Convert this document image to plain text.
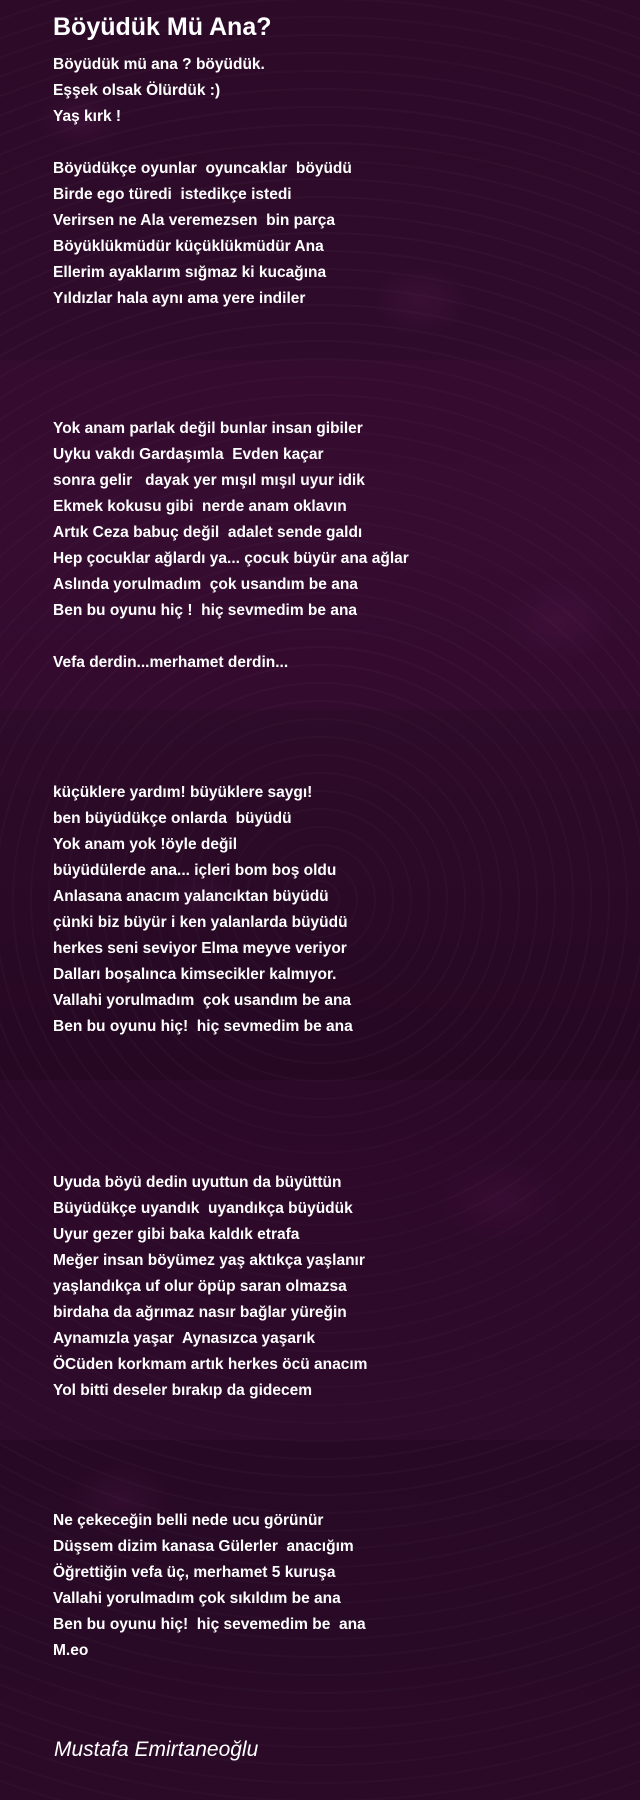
Böyüdük Mü Ana?
Böyüdük mü ana ? böyüdük.
Eşşek olsak Ölürdük :)
Yaş kırk !
Böyüdükçe oyunlar  oyuncaklar  böyüdü
Birde ego türedi  istedikçe istedi
Verirsen ne Ala veremezsen  bin parça
Böyüklükmüdür küçüklükmüdür Ana
Ellerim ayaklarım sığmaz ki kucağına
Yıldızlar hala aynı ama yere indiler
Yok anam parlak değil bunlar insan gibiler
Uyku vakdı Gardaşımla  Evden kaçar
sonra gelir   dayak yer mışıl mışıl uyur idik
Ekmek kokusu gibi  nerde anam oklavın
Artık Ceza babuç değil  adalet sende galdı
Hep çocuklar ağlardı ya... çocuk büyür ana ağlar
Aslında yorulmadım  çok usandım be ana
Ben bu oyunu hiç !  hiç sevmedim be ana
Vefa derdin...merhamet derdin...
küçüklere yardım! büyüklere saygı!
ben büyüdükçe onlarda  büyüdü
Yok anam yok !öyle değil
büyüdülerde ana... içleri bom boş oldu
Anlasana anacım yalancıktan büyüdü
çünki biz büyür i ken yalanlarda büyüdü
herkes seni seviyor Elma meyve veriyor
Dalları boşalınca kimsecikler kalmıyor.
Vallahi yorulmadım  çok usandım be ana
Ben bu oyunu hiç!  hiç sevmedim be ana
Uyuda böyü dedin uyuttun da büyüttün
Büyüdükçe uyandık  uyandıkça büyüdük
Uyur gezer gibi baka kaldık etrafa
Meğer insan böyümez yaş aktıkça yaşlanır
yaşlandıkça uf olur öpüp saran olmazsa
birdaha da ağrımaz nasır bağlar yüreğin
Aynamızla yaşar  Aynasızca yaşarık
ÖCüden korkmam artık herkes öcü anacım
Yol bitti deseler bırakıp da gidecem
Ne çekeceğin belli nede ucu görünür
Düşsem dizim kanasa Gülerler  anacığım
Öğrettiğin vefa üç, merhamet 5 kuruşa
Vallahi yorulmadım çok sıkıldım be ana
Ben bu oyunu hiç!  hiç sevemedim be  ana
M.eo
Mustafa Emirtaneoğlu
